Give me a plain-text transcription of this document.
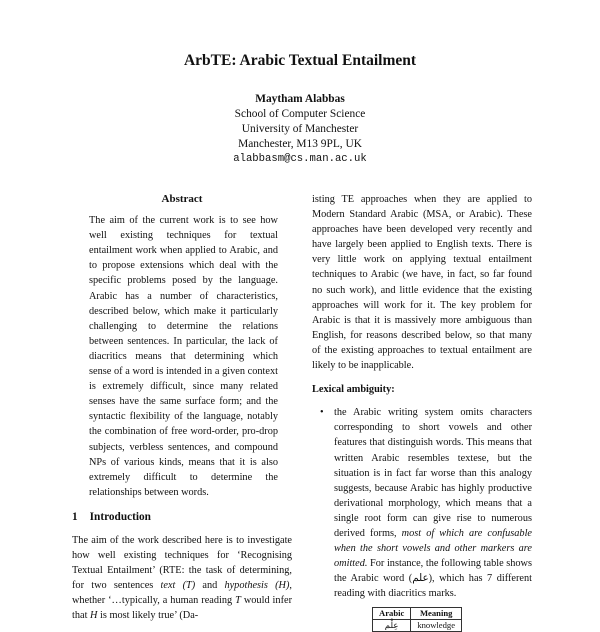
ArbTE: Arabic Textual Entailment
Maytham Alabbas
School of Computer Science
University of Manchester
Manchester, M13 9PL, UK
alabbasm@cs.man.ac.uk
Abstract
The aim of the current work is to see how well existing techniques for textual entailment work when applied to Arabic, and to propose extensions which deal with the specific problems posed by the language. Arabic has a number of characteristics, described below, which make it particularly challenging to determine the relations between sentences. In particular, the lack of diacritics means that determining which sense of a word is intended in a given context is extremely difficult, since many related senses have the same surface form; and the syntactic flexibility of the language, notably the combination of free word-order, pro-drop subjects, verbless sentences, and compound NPs of various kinds, means that it is also extremely difficult to determine the relationships between words.
1 Introduction

The aim of the work described here is to investigate how well existing techniques for ‘Recognising Textual Entailment’ (RTE: the task of determining, for two sentences text (T) and hypothesis (H), whether ‘…typically, a human reading T would infer that H is most likely true’ (Da-

isting TE approaches when they are applied to Modern Standard Arabic (MSA, or Arabic). These approaches have been developed very recently and have largely been applied to English texts. There is very little work on applying textual entailment techniques to Arabic (we have, in fact, so far found no such work), and little evidence that the existing approaches will work for it. The key problem for Arabic is that it is massively more ambiguous than English, for reasons described below, so that many of the existing approaches to textual entailment are likely to be inapplicable.

Lexical ambiguity:
• the Arabic writing system omits characters corresponding to short vowels and other features that distinguish words. This means that written Arabic resembles textese, but the situation is in fact far worse than this analogy suggests, because Arabic has highly productive derivational morphology, which means that a single root form can give rise to numerous derived forms, most of which are confusable when the short vowels and other markers are omitted. For instance, the following table shows the Arabic word (علم), which has 7 different reading with diacritics marks.
Arabic	Meaning
عِلْم	knowledge
